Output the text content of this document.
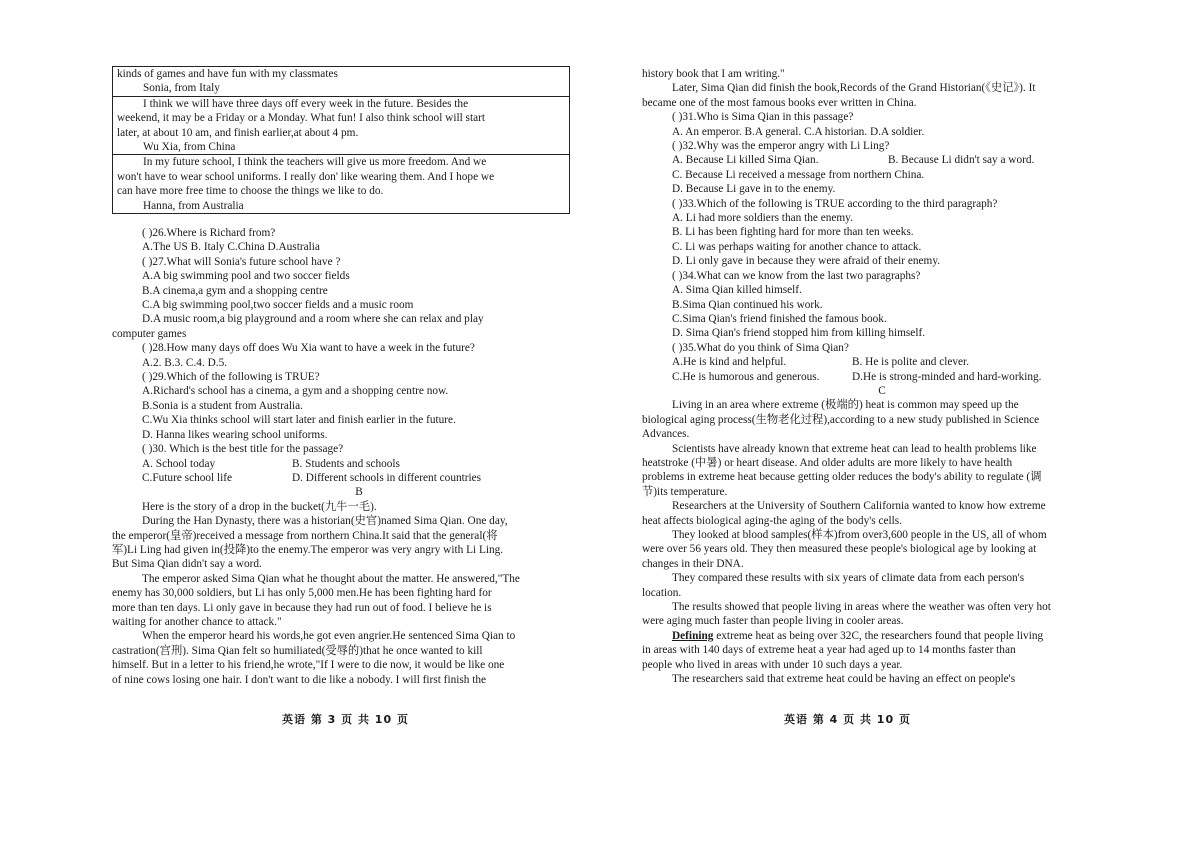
kinds of games and have fun with my classmates
Sonia, from Italy
I think we will have three days off every week in the future. Besides the
weekend, it may be a Friday or a Monday. What fun! I also think school will start
later, at about 10 am, and finish earlier,at about 4 pm.
Wu Xia, from China
In my future school, I think the teachers will give us more freedom. And we
won't have to wear school uniforms. I really don' like wearing them. And I hope we
can have more free time to choose the things we like to do.
Hanna, from Australia
( )26.Where is Richard from?
A.The US B. Italy C.China D.Australia
( )27.What will Sonia's future school have ?
A.A big swimming pool and two soccer fields
B.A cinema,a gym and a shopping centre
C.A big swimming pool,two soccer fields and a music room
D.A music room,a big playground and a room where she can relax and play
computer games
( )28.How many days off does Wu Xia want to have a week in the future?
A.2. B.3. C.4. D.5.
( )29.Which of the following is TRUE?
A.Richard's school has a cinema, a gym and a shopping centre now.
B.Sonia is a student from Australia.
C.Wu Xia thinks school will start later and finish earlier in the future.
D. Hanna likes wearing school uniforms.
( )30. Which is the best title for the passage?
A. School today	B. Students and schools
C.Future school life	D. Different schools in different countries
B
Here is the story of a drop in the bucket(九牛一毛).
During the Han Dynasty, there was a historian(史官)named Sima Qian. One day,
the emperor(皇帝)received a message from northern China.It said that the general(将
军)Li Ling had given in(投降)to the enemy.The emperor was very angry with Li Ling.
But Sima Qian didn't say a word.
The emperor asked Sima Qian what he thought about the matter. He answered,"The
enemy has 30,000 soldiers, but Li has only 5,000 men.He has been fighting hard for
more than ten days. Li only gave in because they had run out of food. I believe he is
waiting for another chance to attack."
When the emperor heard his words,he got even angrier.He sentenced Sima Qian to
castration(宫刑). Sima Qian felt so humiliated(受辱的)that he once wanted to kill
himself. But in a letter to his friend,he wrote,"If I were to die now, it would be like one
of nine cows losing one hair. I don't want to die like a nobody. I will first finish the
英语 第 3 页 共 10 页
history book that I am writing."
Later, Sima Qian did finish the book,Records of the Grand Historian(《史记》). It
became one of the most famous books ever written in China.
( )31.Who is Sima Qian in this passage?
A. An emperor. B.A general. C.A historian. D.A soldier.
( )32.Why was the emperor angry with Li Ling?
A. Because Li killed Sima Qian.	B. Because Li didn't say a word.
C. Because Li received a message from northern China.
D. Because Li gave in to the enemy.
( )33.Which of the following is TRUE according to the third paragraph?
A. Li had more soldiers than the enemy.
B. Li has been fighting hard for more than ten weeks.
C. Li was perhaps waiting for another chance to attack.
D. Li only gave in because they were afraid of their enemy.
( )34.What can we know from the last two paragraphs?
A. Sima Qian killed himself.
B.Sima Qian continued his work.
C.Sima Qian's friend finished the famous book.
D. Sima Qian's friend stopped him from killing himself.
( )35.What do you think of Sima Qian?
A.He is kind and helpful.	B. He is polite and clever.
C.He is humorous and generous.	D.He is strong-minded and hard-working.
C
Living in an area where extreme (极端的) heat is common may speed up the
biological aging process(生物老化过程),according to a new study published in Science
Advances.
Scientists have already known that extreme heat can lead to health problems like
heatstroke (中暑) or heart disease. And older adults are more likely to have health
problems in extreme heat because getting older reduces the body's ability to regulate (调
节)its temperature.
Researchers at the University of Southern California wanted to know how extreme
heat affects biological aging-the aging of the body's cells.
They looked at blood samples(样本)from over3,600 people in the US, all of whom
were over 56 years old. They then measured these people's biological age by looking at
changes in their DNA.
They compared these results with six years of climate data from each person's
location.
The results showed that people living in areas where the weather was often very hot
were aging much faster than people living in cooler areas.
Defining extreme heat as being over 32C, the researchers found that people living
in areas with 140 days of extreme heat a year had aged up to 14 months faster than
people who lived in areas with under 10 such days a year.
The researchers said that extreme heat could be having an effect on people's
英语 第 4 页 共 10 页
